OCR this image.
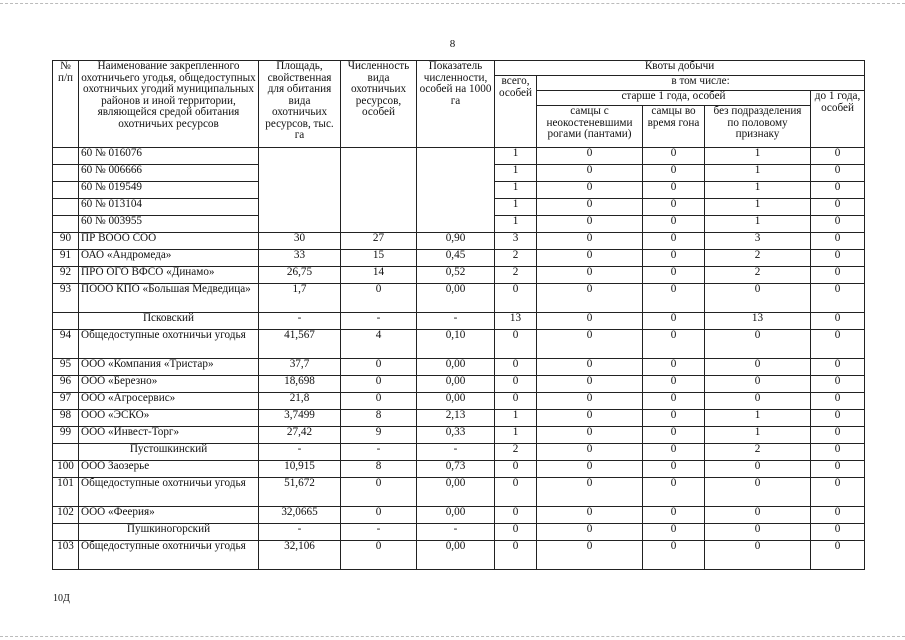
8
№ п/п	Наименование закрепленного охотничьего угодья, общедоступных охотничьих угодий муниципальных районов и иной территории, являющейся средой обитания охотничьих ресурсов	Площадь, свойственная для обитания вида охотничьих ресурсов, тыс. га	Численность вида охотничьих ресурсов, особей	Показатель численности, особей на 1000 га	Квоты добычи				
					всего, особей	в том числе:			
						старше 1 года, особей			до 1 года, особей
						самцы с неокостеневшими рогами (пантами)	самцы во время гона	без подразделения по половому признаку	
	60 № 016076				1	0	0	1	0
	60 № 006666				1	0	0	1	0
	60 № 019549				1	0	0	1	0
	60 № 013104				1	0	0	1	0
	60 № 003955				1	0	0	1	0
90	ПР ВООО СОО	30	27	0,90	3	0	0	3	0
91	ОАО «Андромеда»	33	15	0,45	2	0	0	2	0
92	ПРО ОГО ВФСО «Динамо»	26,75	14	0,52	2	0	0	2	0
93	ПООО КПО «Большая Медведица»	1,7	0	0,00	0	0	0	0	0
	Псковский	-	-	-	13	0	0	13	0
94	Общедоступные охотничьи угодья	41,567	4	0,10	0	0	0	0	0
95	ООО «Компания «Тристар»	37,7	0	0,00	0	0	0	0	0
96	ООО «Березно»	18,698	0	0,00	0	0	0	0	0
97	ООО «Агросервис»	21,8	0	0,00	0	0	0	0	0
98	ООО «ЭСКО»	3,7499	8	2,13	1	0	0	1	0
99	ООО «Инвест-Торг»	27,42	9	0,33	1	0	0	1	0
	Пустошкинский	-	-	-	2	0	0	2	0
100	ООО Заозерье	10,915	8	0,73	0	0	0	0	0
101	Общедоступные охотничьи угодья	51,672	0	0,00	0	0	0	0	0
102	ООО «Феерия»	32,0665	0	0,00	0	0	0	0	0
	Пушкиногорский	-	-	-	0	0	0	0	0
103	Общедоступные охотничьи угодья	32,106	0	0,00	0	0	0	0	0
10Д
